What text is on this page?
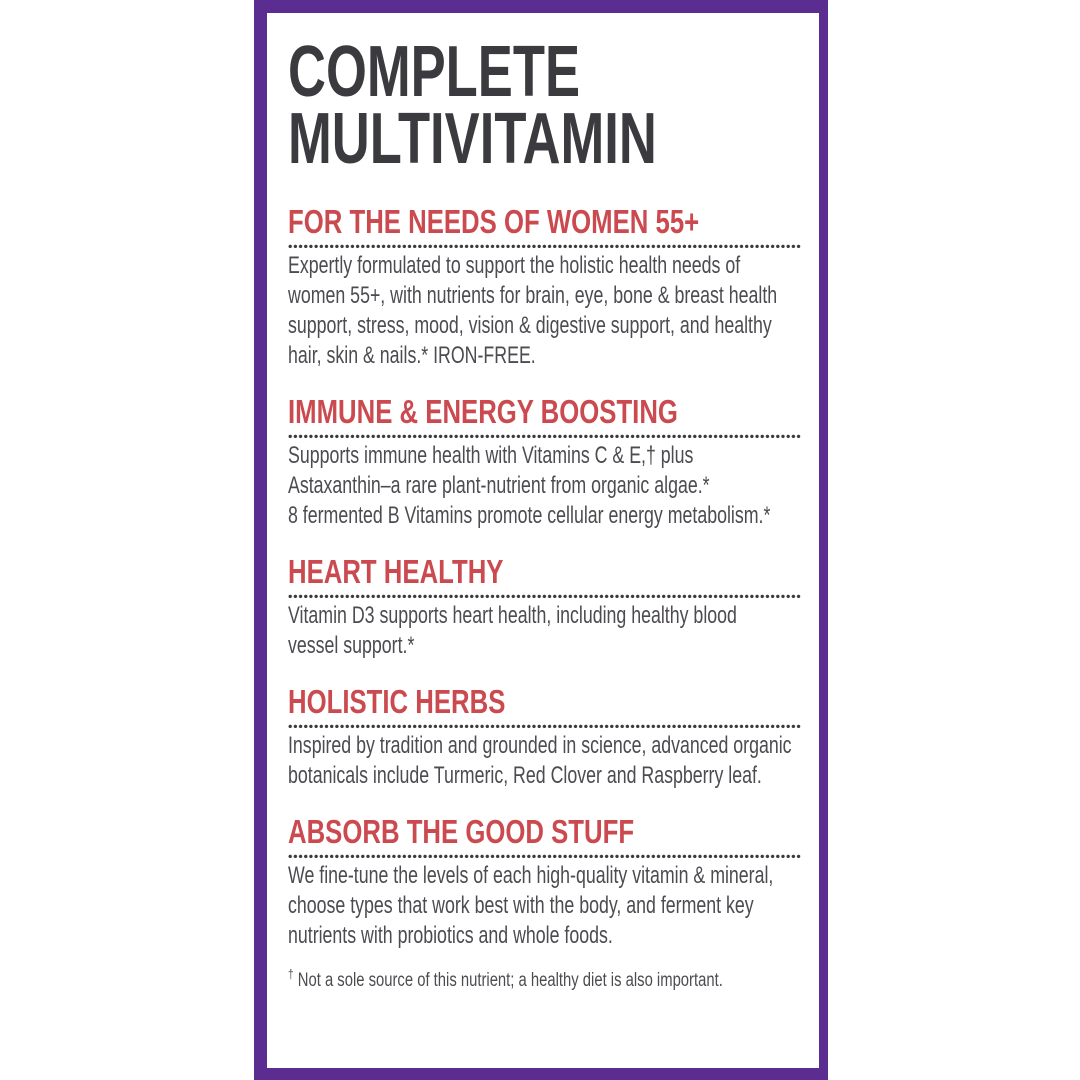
COMPLETE
MULTIVITAMIN
FOR THE NEEDS OF WOMEN 55+
Expertly formulated to support the holistic health needs of
women 55+, with nutrients for brain, eye, bone & breast health
support, stress, mood, vision & digestive support, and healthy
hair, skin & nails.* IRON-FREE.
IMMUNE & ENERGY BOOSTING
Supports immune health with Vitamins C & E,† plus
Astaxanthin–a rare plant-nutrient from organic algae.*
8 fermented B Vitamins promote cellular energy metabolism.*
HEART HEALTHY
Vitamin D3 supports heart health, including healthy blood
vessel support.*
HOLISTIC HERBS
Inspired by tradition and grounded in science, advanced organic
botanicals include Turmeric, Red Clover and Raspberry leaf.
ABSORB THE GOOD STUFF
We fine-tune the levels of each high-quality vitamin & mineral,
choose types that work best with the body, and ferment key
nutrients with probiotics and whole foods.

† Not a sole source of this nutrient; a healthy diet is also important.
